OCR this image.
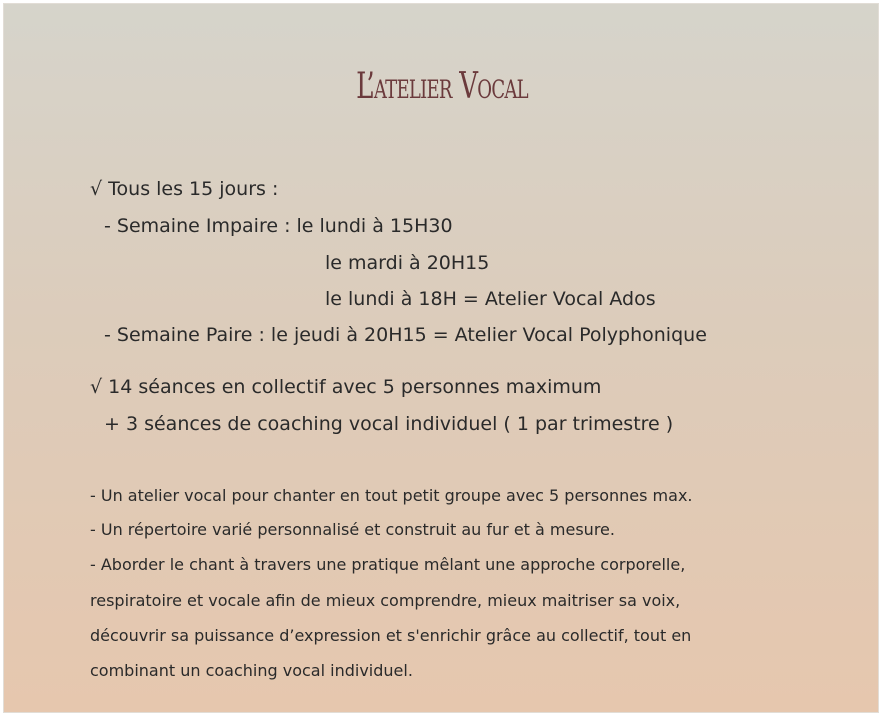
L’atelier Vocal
√ Tous les 15 jours :
- Semaine Impaire : le lundi à 15H30
le mardi à 20H15
le lundi à 18H = Atelier Vocal Ados
- Semaine Paire : le jeudi à 20H15 = Atelier Vocal Polyphonique
√ 14 séances en collectif avec 5 personnes maximum
+ 3 séances de coaching vocal individuel ( 1 par trimestre )
- Un atelier vocal pour chanter en tout petit groupe avec 5 personnes max.
- Un répertoire varié personnalisé et construit au fur et à mesure.
- Aborder le chant à travers une pratique mêlant une approche corporelle,
respiratoire et vocale afin de mieux comprendre, mieux maitriser sa voix,
découvrir sa puissance d’expression et s'enrichir grâce au collectif, tout en
combinant un coaching vocal individuel.
